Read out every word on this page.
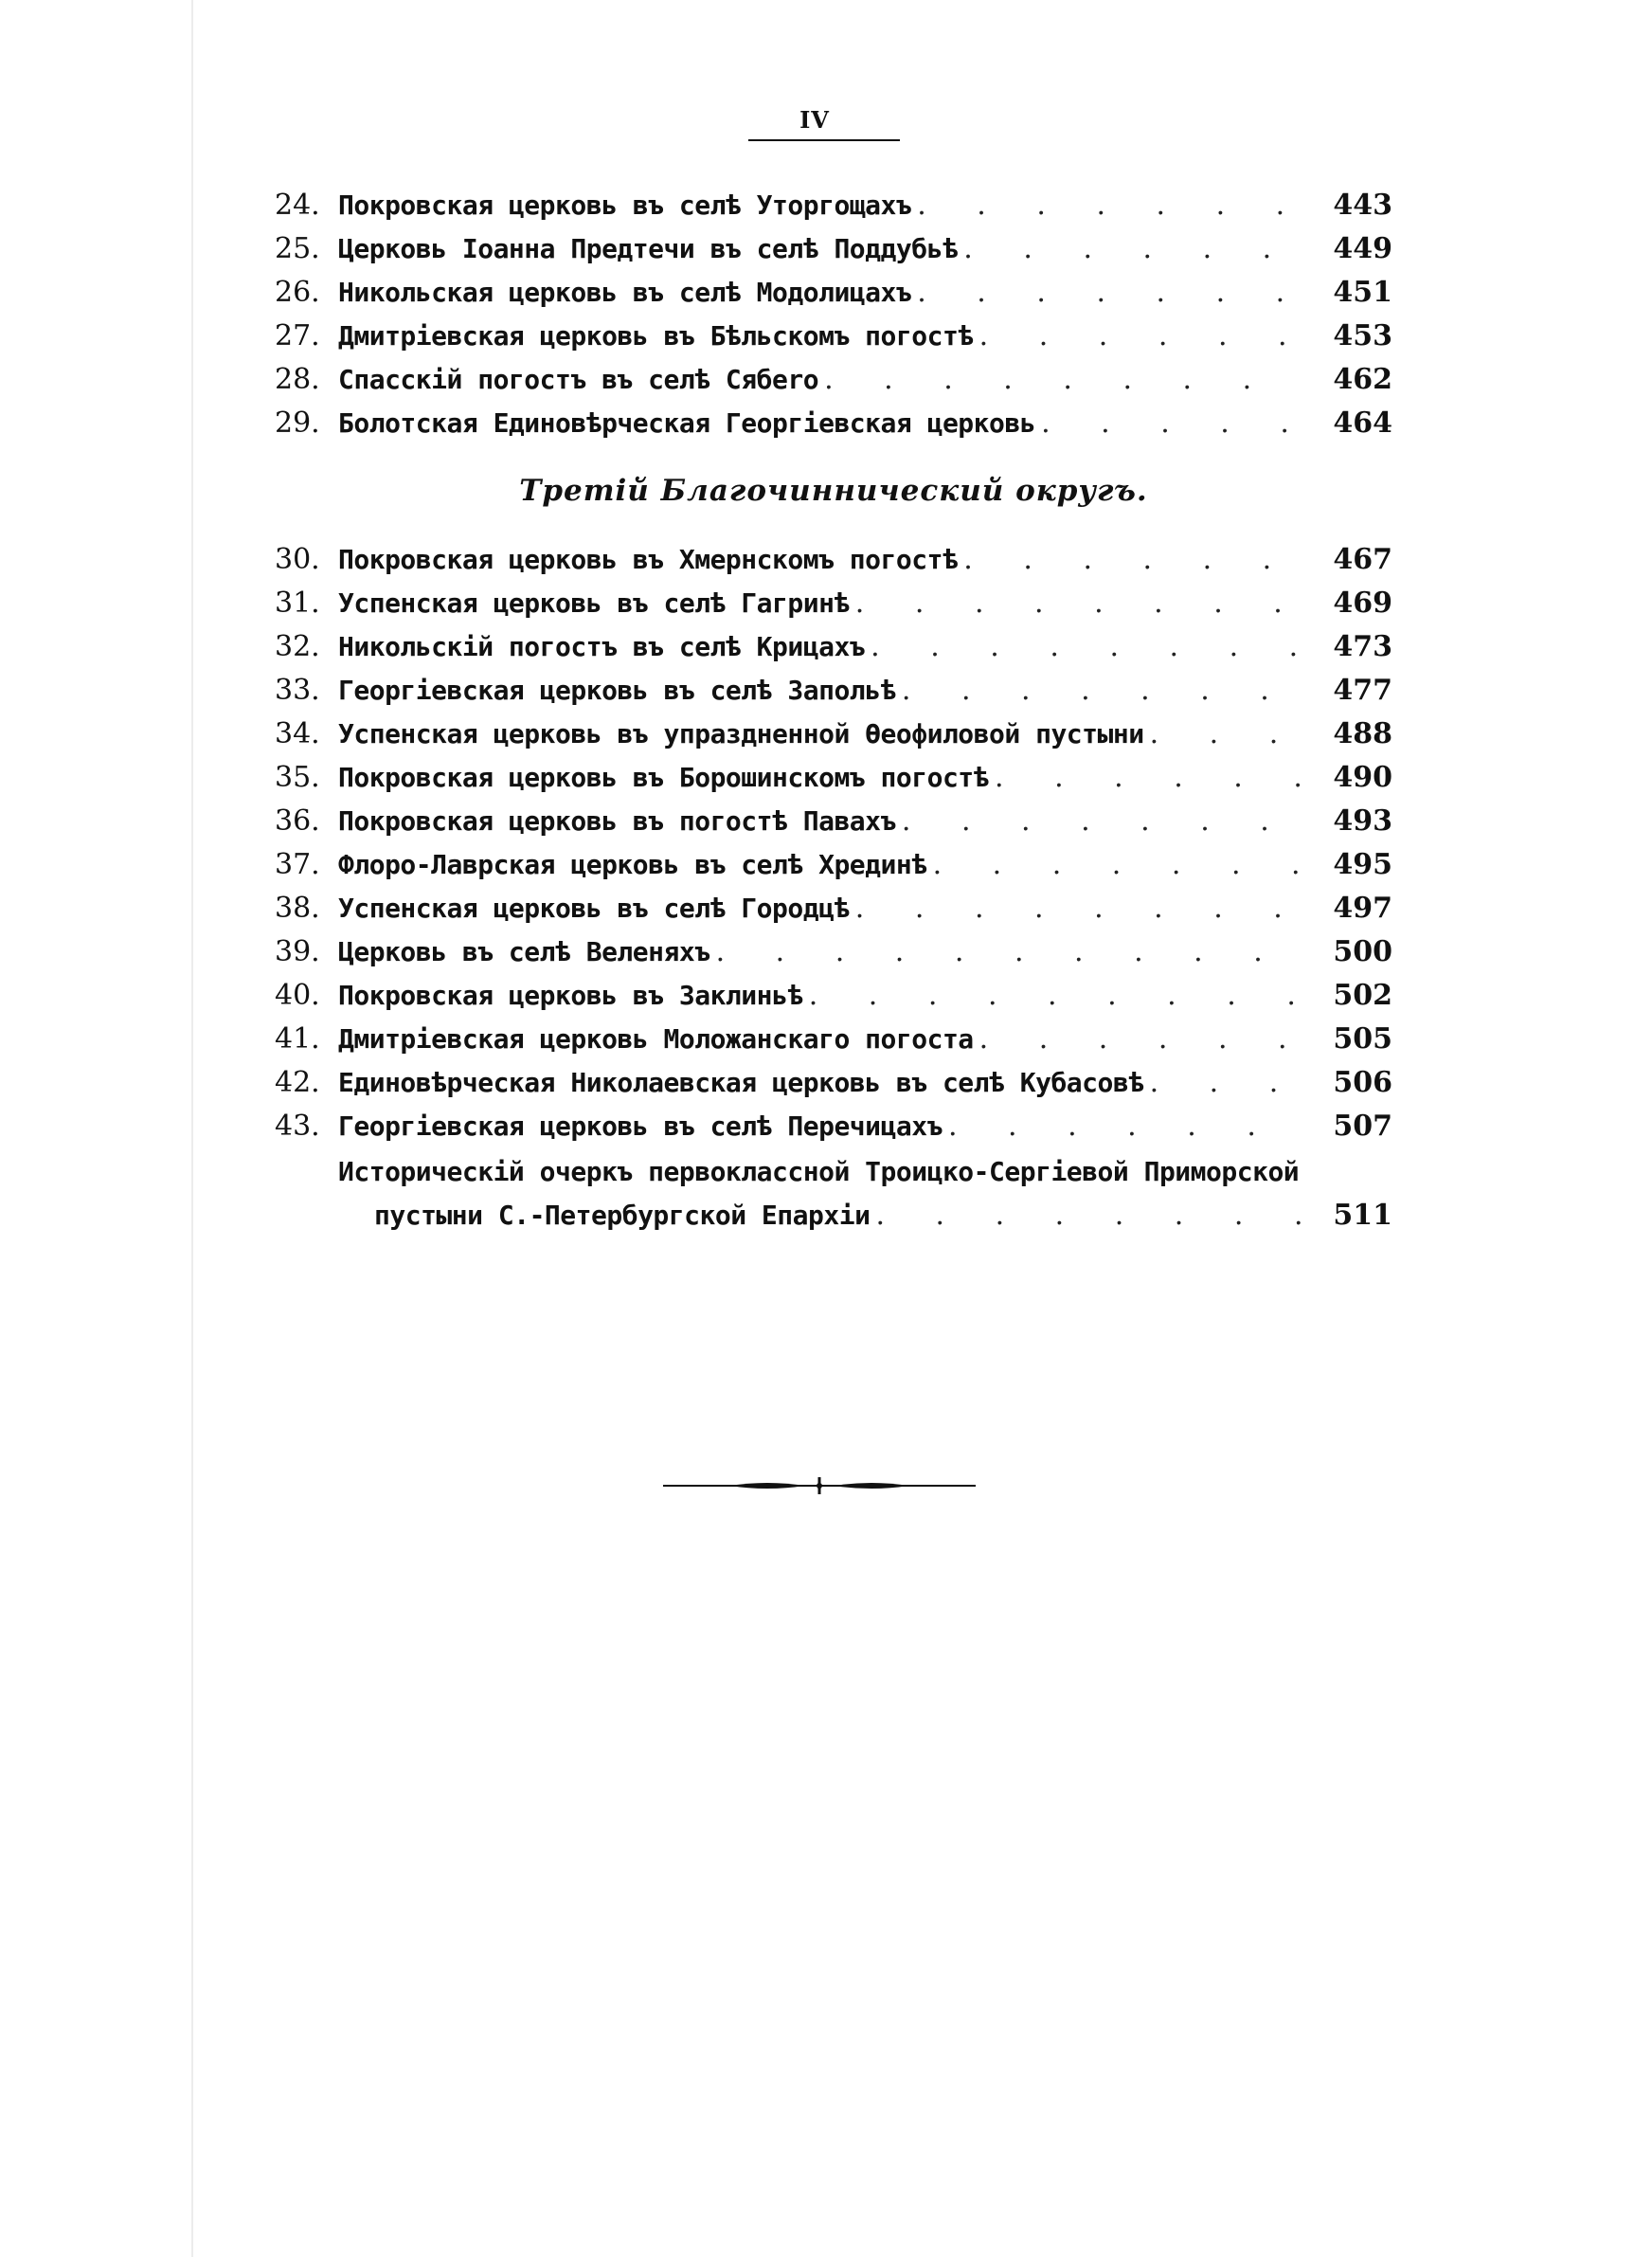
IV
24. Покровская церковь въ селѣ Уторгощахъ . . .	443
25. Церковь Іоанна Предтечи въ селѣ Поддубьѣ . . .	449
26. Никольская церковь въ селѣ Модолицахъ . . .	451
27. Дмитріевская церковь въ Бѣльскомъ погостѣ . . .	453
28. Спасскій погостъ въ селѣ Сябero . . .	462
29. Болотская Единовѣрческая Георгіевская церковь . . .	464
Третій Благочиннический округъ.
30. Покровская церковь въ Хмернскомъ погостѣ . . .	467
31. Успенская церковь въ селѣ Гагринѣ . . .	469
32. Никольскій погостъ въ селѣ Крицахъ . . .	473
33. Георгіевская церковь въ селѣ Запольѣ . . .	477
34. Успенская церковь въ упраздненной Ѳеофиловой пустыни . . .	488
35. Покровская церковь въ Борошинскомъ погостѣ . . .	490
36. Покровская церковь въ погостѣ Павахъ . . .	493
37. Флоро-Лаврская церковь въ селѣ Хрединѣ . . .	495
38. Успенская церковь въ селѣ Городцѣ . . .	497
39. Церковь въ селѣ Веленяхъ . . .	500
40. Покровская церковь въ Заклиньѣ . . .	502
41. Дмитріевская церковь Моложанскаго погоста . . .	505
42. Единовѣрческая Николаевская церковь въ селѣ Кубасовѣ . . .	506
43. Георгіевская церковь въ селѣ Перечицахъ . . .	507
Историческій очеркъ первоклассной Троицко-Сергіевой Приморской
пустыни С.-Петербургской Епархіи . . .	511
